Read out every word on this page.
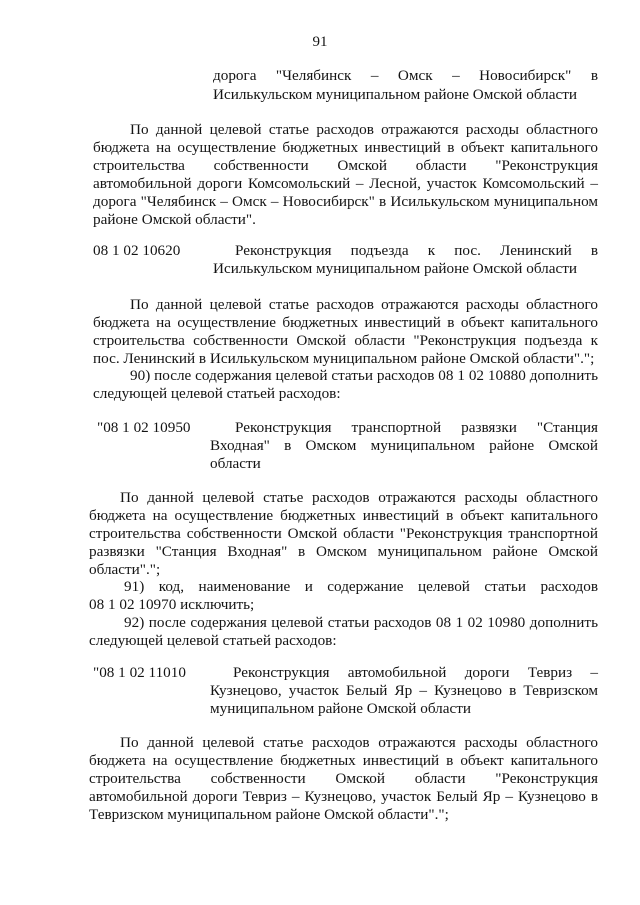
91
дорога "Челябинск – Омск – Новосибирск" в
Исилькульском муниципальном районе Омской области
По данной целевой статье расходов отражаются расходы областного
бюджета на осуществление бюджетных инвестиций в объект капитального
строительства собственности Омской области "Реконструкция
автомобильной дороги Комсомольский – Лесной, участок Комсомольский –
дорога "Челябинск – Омск – Новосибирск" в Исилькульском муниципальном
районе Омской области".
08 1 02 10620	Реконструкция подъезда к пос. Ленинский в
Исилькульском муниципальном районе Омской области
По данной целевой статье расходов отражаются расходы областного
бюджета на осуществление бюджетных инвестиций в объект капитального
строительства собственности Омской области "Реконструкция подъезда к
пос. Ленинский в Исилькульском муниципальном районе Омской области".";
90) после содержания целевой статьи расходов 08 1 02 10880 дополнить
следующей целевой статьей расходов:
"08 1 02 10950	Реконструкция транспортной развязки "Станция
Входная" в Омском муниципальном районе Омской
области
По данной целевой статье расходов отражаются расходы областного
бюджета на осуществление бюджетных инвестиций в объект капитального
строительства собственности Омской области "Реконструкция транспортной
развязки "Станция Входная" в Омском муниципальном районе Омской
области".";
91) код, наименование и содержание целевой статьи расходов
08 1 02 10970 исключить;
92) после содержания целевой статьи расходов 08 1 02 10980 дополнить
следующей целевой статьей расходов:
"08 1 02 11010	Реконструкция автомобильной дороги Тевриз –
Кузнецово, участок Белый Яр – Кузнецово в Тевризском
муниципальном районе Омской области
По данной целевой статье расходов отражаются расходы областного
бюджета на осуществление бюджетных инвестиций в объект капитального
строительства собственности Омской области "Реконструкция
автомобильной дороги Тевриз – Кузнецово, участок Белый Яр – Кузнецово в
Тевризском муниципальном районе Омской области".";
